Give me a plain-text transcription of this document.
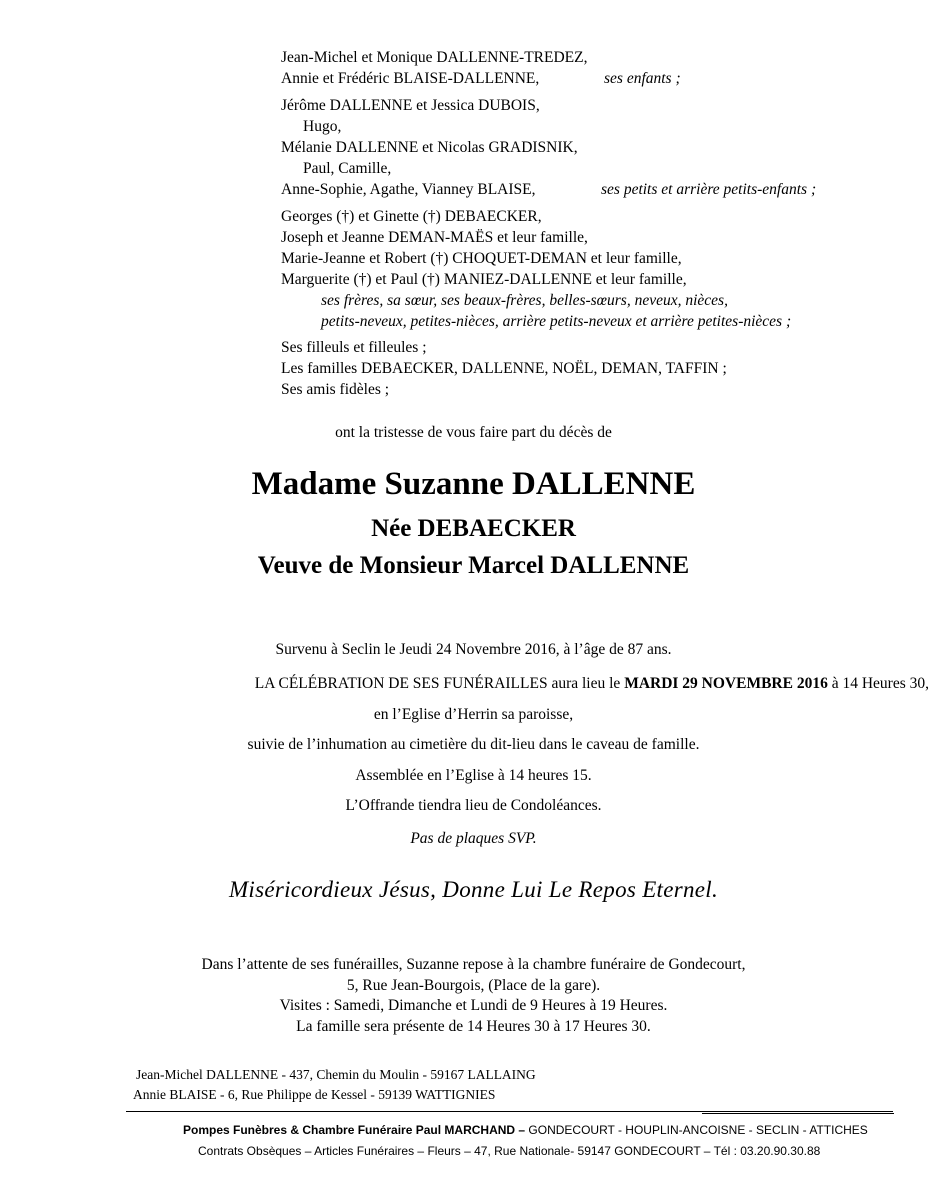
Jean-Michel et Monique DALLENNE-TREDEZ,
Annie et Frédéric BLAISE-DALLENNE,	ses enfants ;
Jérôme DALLENNE et Jessica DUBOIS,
Hugo,
Mélanie DALLENNE et Nicolas GRADISNIK,
Paul, Camille,
Anne-Sophie, Agathe, Vianney BLAISE,	ses petits et arrière petits-enfants ;
Georges (†) et Ginette (†) DEBAECKER,
Joseph et Jeanne DEMAN-MAËS et leur famille,
Marie-Jeanne et Robert (†) CHOQUET-DEMAN et leur famille,
Marguerite (†) et Paul (†) MANIEZ-DALLENNE et leur famille,
ses frères, sa sœur, ses beaux-frères, belles-sœurs, neveux, nièces,
petits-neveux, petites-nièces, arrière petits-neveux et arrière petites-nièces ;
Ses filleuls et filleules ;
Les familles DEBAECKER, DALLENNE, NOËL, DEMAN, TAFFIN ;
Ses amis fidèles ;
ont la tristesse de vous faire part du décès de
Madame Suzanne DALLENNE
Née DEBAECKER
Veuve de Monsieur Marcel DALLENNE
Survenu à Seclin le Jeudi 24 Novembre 2016, à l’âge de 87 ans.
LA CÉLÉBRATION DE SES FUNÉRAILLES aura lieu le MARDI 29 NOVEMBRE 2016 à 14 Heures 30,
en l’Eglise d’Herrin sa paroisse,
suivie de l’inhumation au cimetière du dit-lieu dans le caveau de famille.
Assemblée en l’Eglise à 14 heures 15.
L’Offrande tiendra lieu de Condoléances.
Pas de plaques SVP.
Miséricordieux Jésus, Donne Lui Le Repos Eternel.
Dans l’attente de ses funérailles, Suzanne repose à la chambre funéraire de Gondecourt,
5, Rue Jean-Bourgois, (Place de la gare).
Visites : Samedi, Dimanche et Lundi de 9 Heures à 19 Heures.
La famille sera présente de 14 Heures 30 à 17 Heures 30.
Jean-Michel DALLENNE - 437, Chemin du Moulin - 59167 LALLAING
Annie BLAISE - 6, Rue Philippe de Kessel - 59139 WATTIGNIES
Pompes Funèbres & Chambre Funéraire Paul MARCHAND – GONDECOURT - HOUPLIN-ANCOISNE - SECLIN - ATTICHES
Contrats Obsèques – Articles Funéraires – Fleurs – 47, Rue Nationale- 59147 GONDECOURT – Tél : 03.20.90.30.88
